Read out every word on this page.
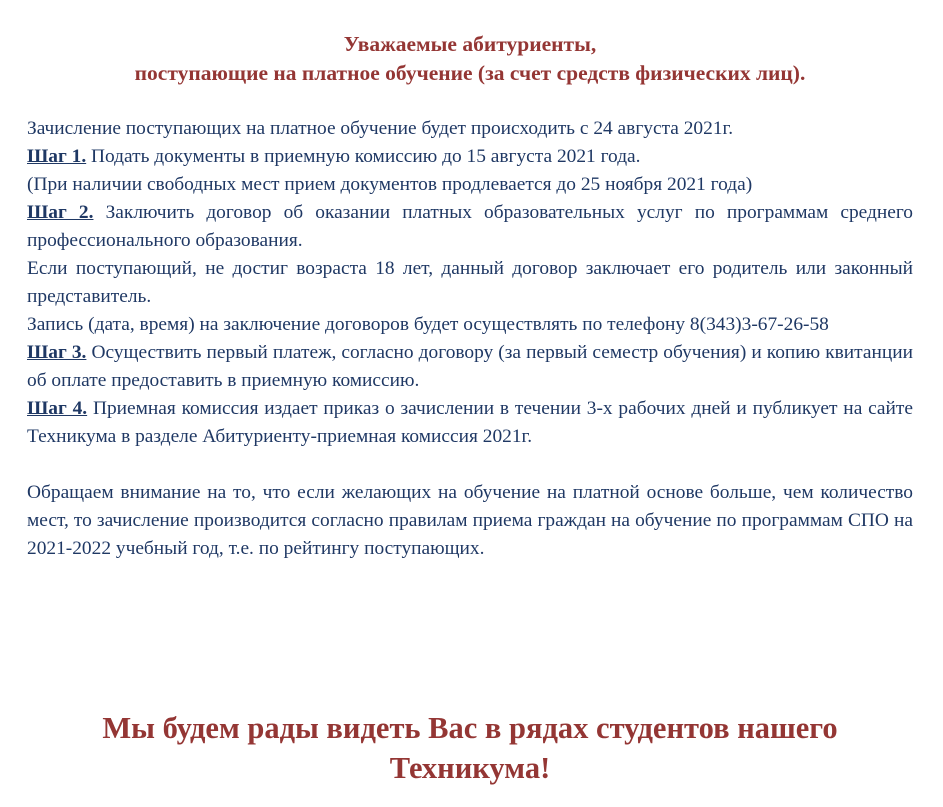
Уважаемые абитуриенты,
поступающие на платное обучение (за счет средств физических лиц).

Зачисление поступающих на платное обучение будет происходить с 24 августа 2021г.

Шаг 1. Подать документы в приемную комиссию до 15 августа 2021 года.

(При наличии свободных мест прием документов продлевается до 25 ноября 2021 года)

Шаг 2. Заключить договор об оказании платных образовательных услуг по программам среднего профессионального образования.

Если поступающий, не достиг возраста 18 лет, данный договор заключает его родитель или законный представитель.

Запись (дата, время) на заключение договоров будет осуществлять по телефону 8(343)3-67-26-58

Шаг 3. Осуществить первый платеж, согласно договору (за первый семестр обучения) и копию квитанции об оплате предоставить в приемную комиссию.

Шаг 4. Приемная комиссия издает приказ о зачислении в течении 3-х рабочих дней и публикует на сайте Техникума в разделе Абитуриенту-приемная комиссия 2021г.

Обращаем внимание на то, что если желающих на обучение на платной основе больше, чем количество мест, то зачисление производится согласно правилам приема граждан на обучение по программам СПО на 2021-2022 учебный год, т.е. по рейтингу поступающих.

Мы будем рады видеть Вас в рядах студентов нашего
Техникума!
